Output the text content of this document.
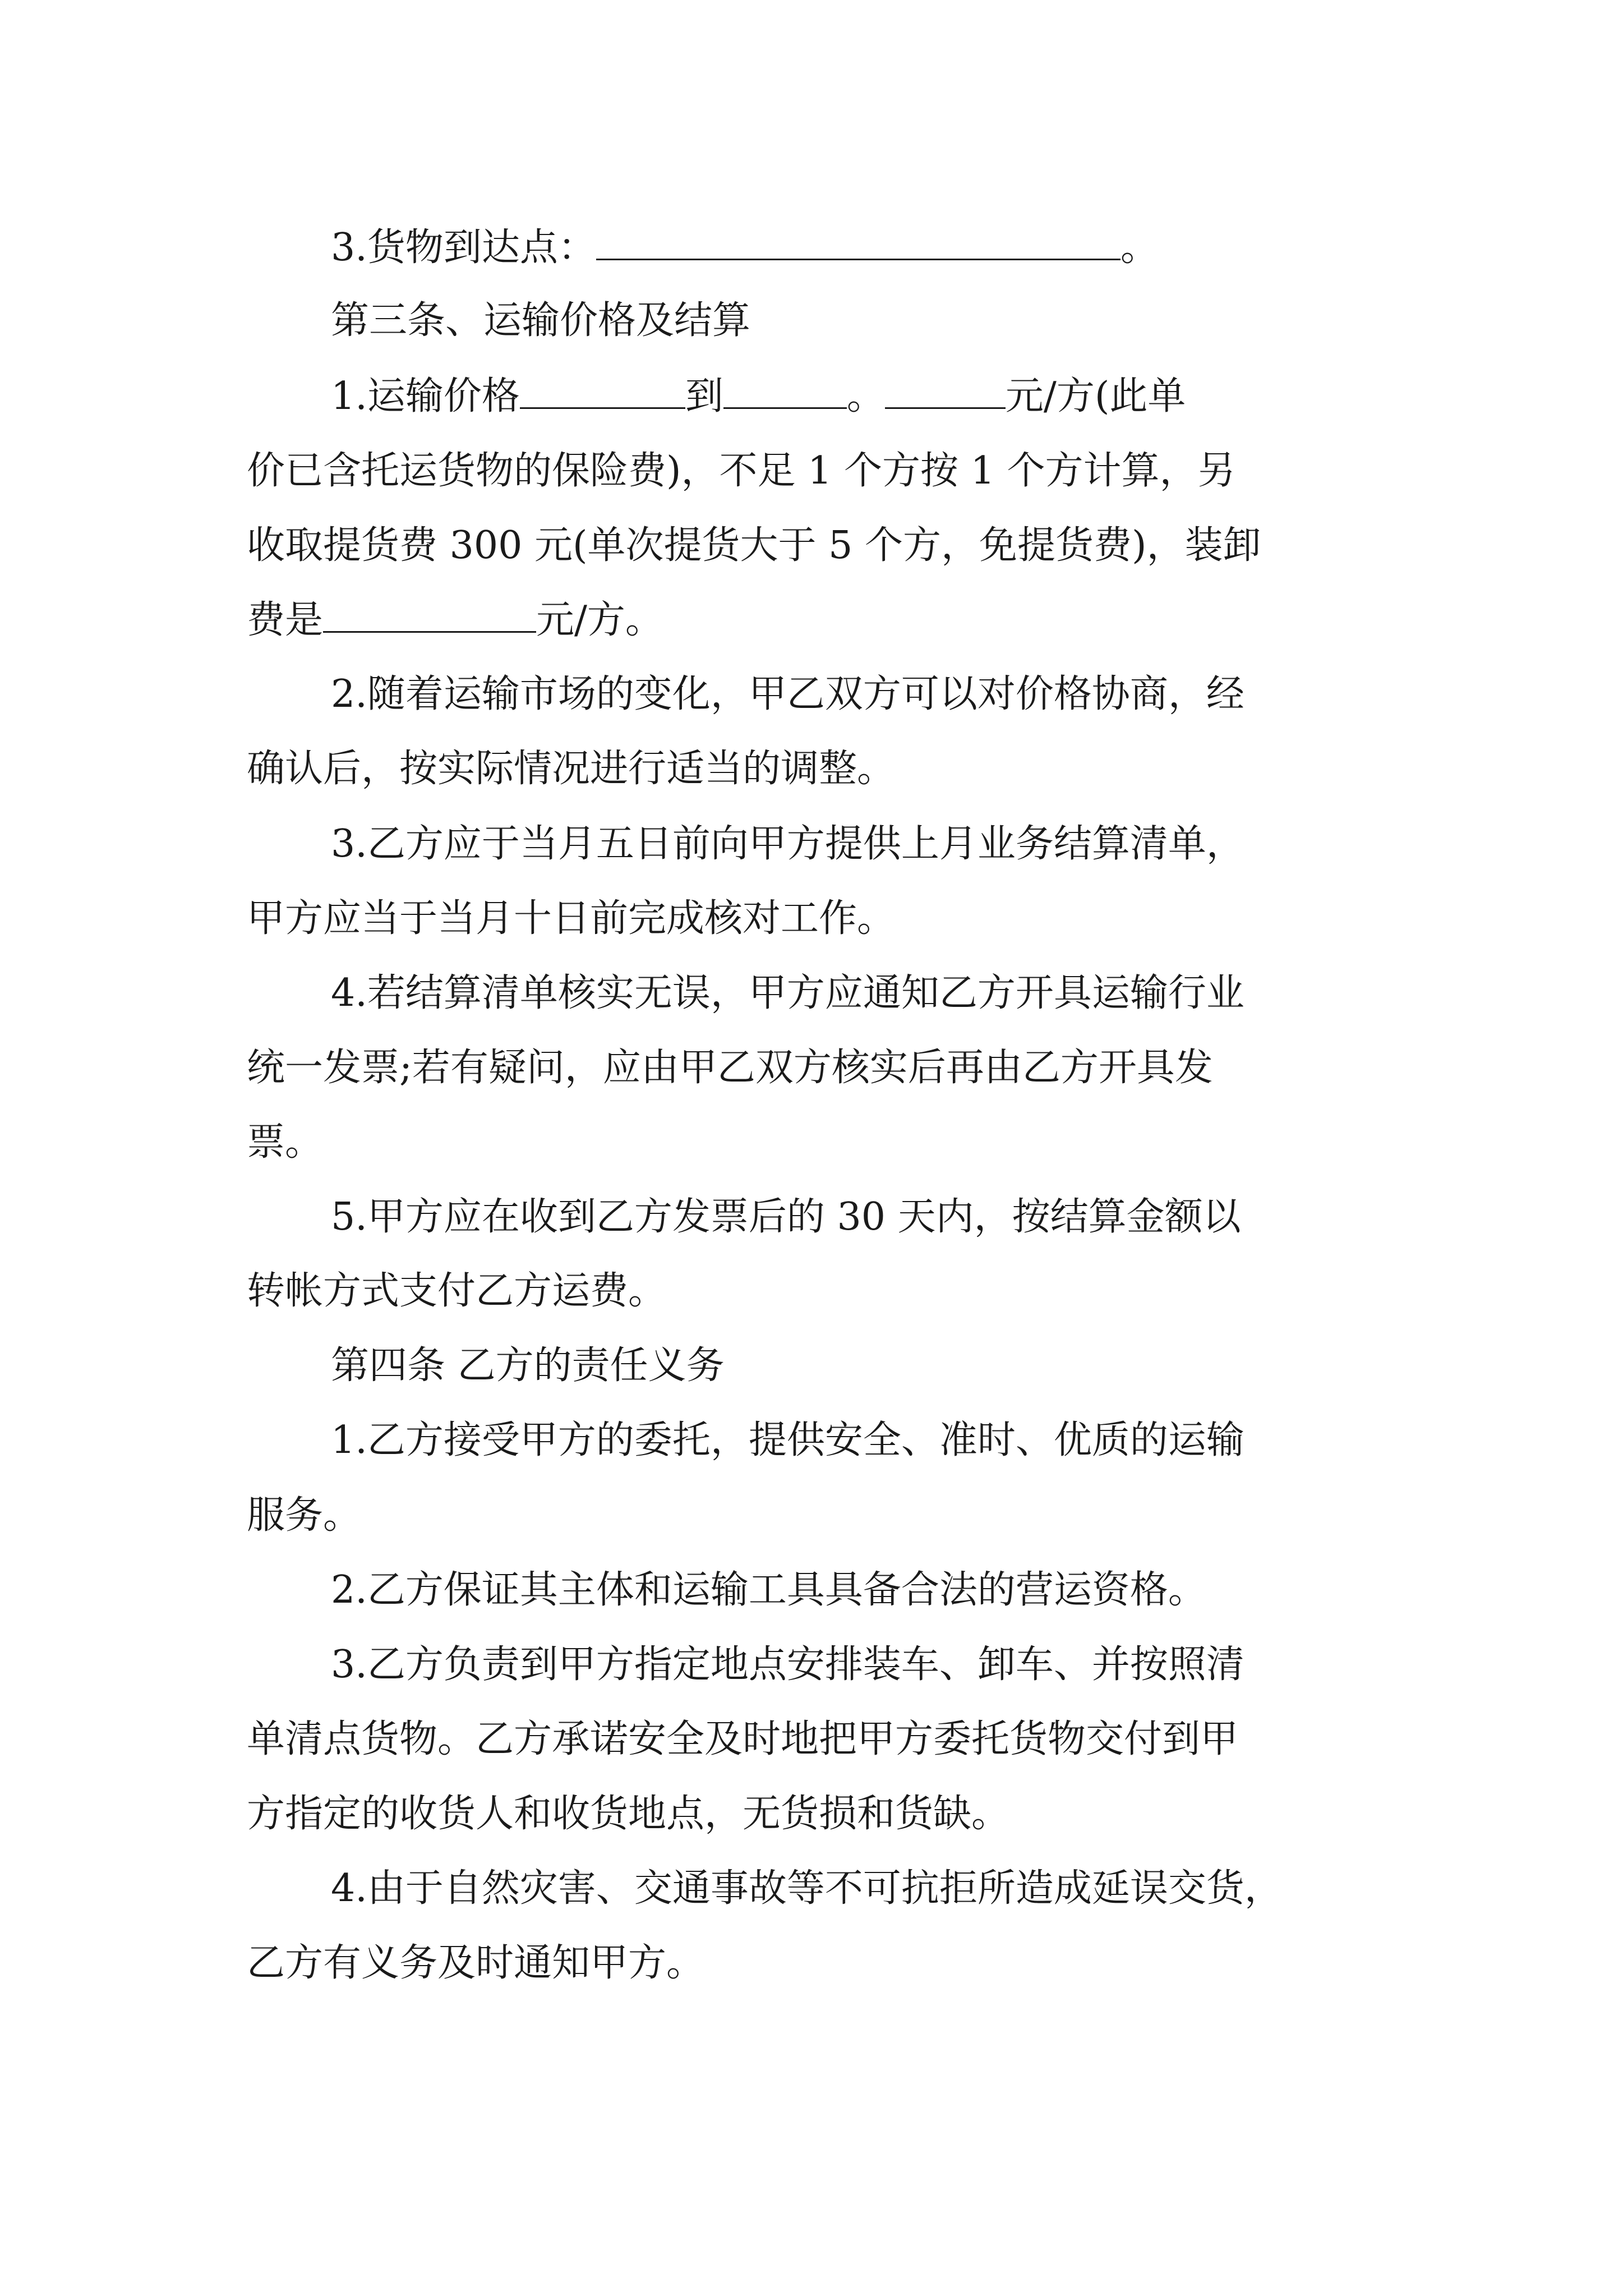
3.货物到达点：	。
第三条、运输价格及结算
1.运输价格	到	。	元/方(此单
价已含托运货物的保险费)，不足 1 个方按 1 个方计算，另
收取提货费 300 元(单次提货大于 5 个方，免提货费)，装卸
费是	元/方。
2.随着运输市场的变化，甲乙双方可以对价格协商，经
确认后，按实际情况进行适当的调整。
3.乙方应于当月五日前向甲方提供上月业务结算清单，
甲方应当于当月十日前完成核对工作。
4.若结算清单核实无误，甲方应通知乙方开具运输行业
统一发票;若有疑问，应由甲乙双方核实后再由乙方开具发
票。
5.甲方应在收到乙方发票后的 30 天内，按结算金额以
转帐方式支付乙方运费。
第四条 乙方的责任义务
1.乙方接受甲方的委托，提供安全、准时、优质的运输
服务。
2.乙方保证其主体和运输工具具备合法的营运资格。
3.乙方负责到甲方指定地点安排装车、卸车、并按照清
单清点货物。乙方承诺安全及时地把甲方委托货物交付到甲
方指定的收货人和收货地点，无货损和货缺。
4.由于自然灾害、交通事故等不可抗拒所造成延误交货，
乙方有义务及时通知甲方。
